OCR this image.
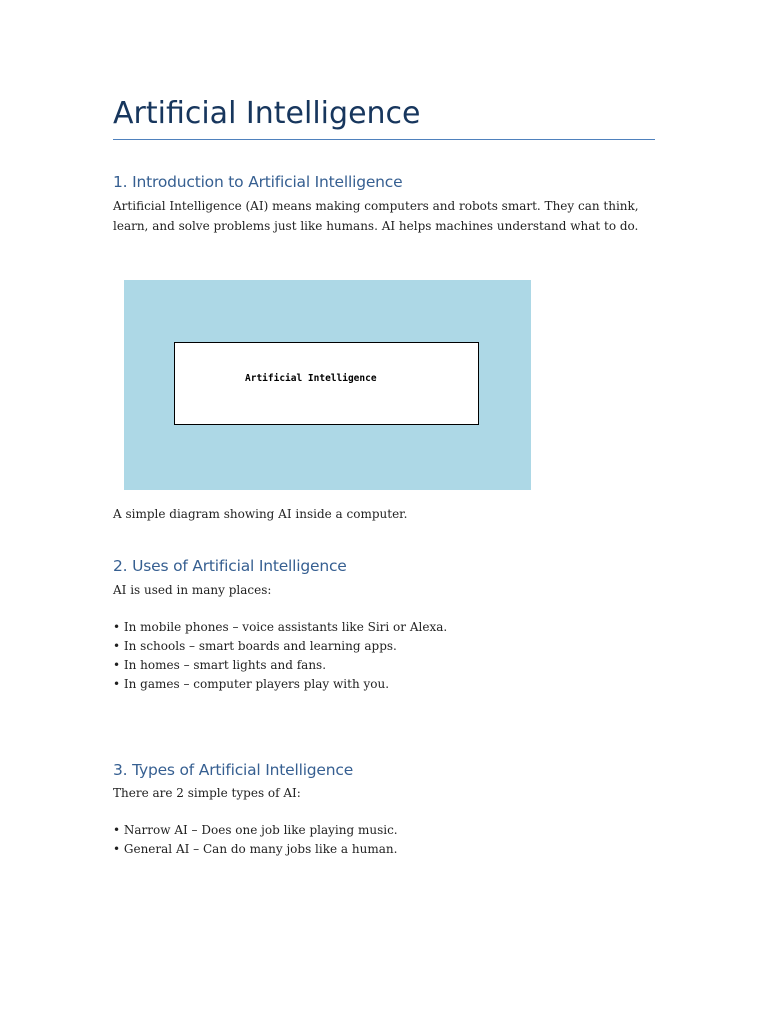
Artificial Intelligence
1. Introduction to Artificial Intelligence

Artificial Intelligence (AI) means making computers and robots smart. They can think, learn, and solve problems just like humans. AI helps machines understand what to do.

Artificial Intelligence

A simple diagram showing AI inside a computer.

2. Uses of Artificial Intelligence

AI is used in many places:

• In mobile phones – voice assistants like Siri or Alexa.
• In schools – smart boards and learning apps.
• In homes – smart lights and fans.
• In games – computer players play with you.
3. Types of Artificial Intelligence

There are 2 simple types of AI:

• Narrow AI – Does one job like playing music.
• General AI – Can do many jobs like a human.
